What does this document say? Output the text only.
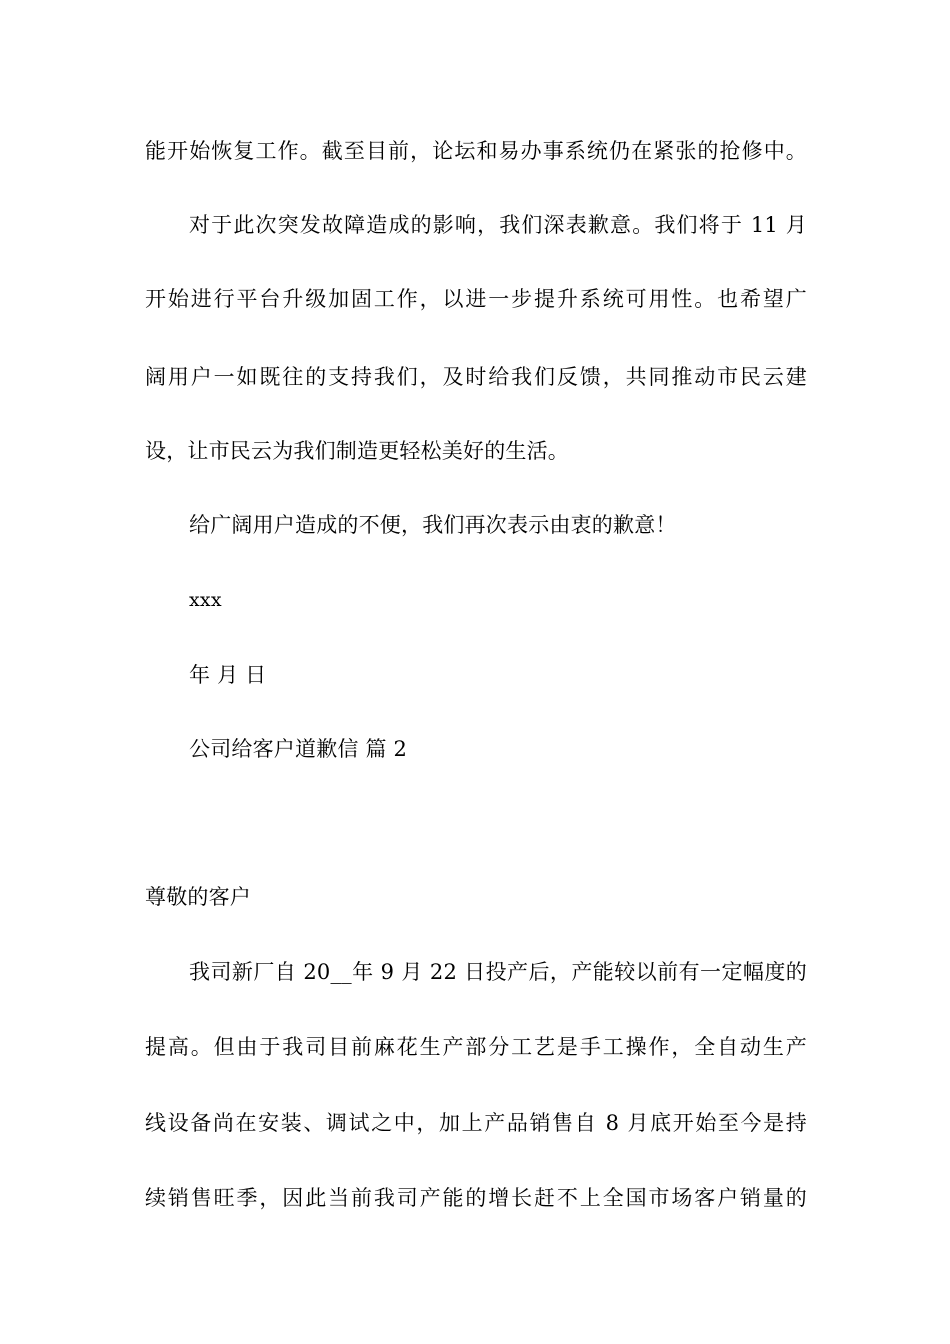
能开始恢复工作。截至目前，论坛和易办事系统仍在紧张的抢修中。
对于此次突发故障造成的影响，我们深表歉意。我们将于 11 月
开始进行平台升级加固工作，以进一步提升系统可用性。也希望广
阔用户一如既往的支持我们，及时给我们反馈，共同推动市民云建
设，让市民云为我们制造更轻松美好的生活。
给广阔用户造成的不便，我们再次表示由衷的歉意！
xxx
年 月 日
公司给客户道歉信 篇 2
尊敬的客户
我司新厂自 20__年 9 月 22 日投产后，产能较以前有一定幅度的
提高。但由于我司目前麻花生产部分工艺是手工操作，全自动生产
线设备尚在安装、调试之中，加上产品销售自 8 月底开始至今是持
续销售旺季，因此当前我司产能的增长赶不上全国市场客户销量的
